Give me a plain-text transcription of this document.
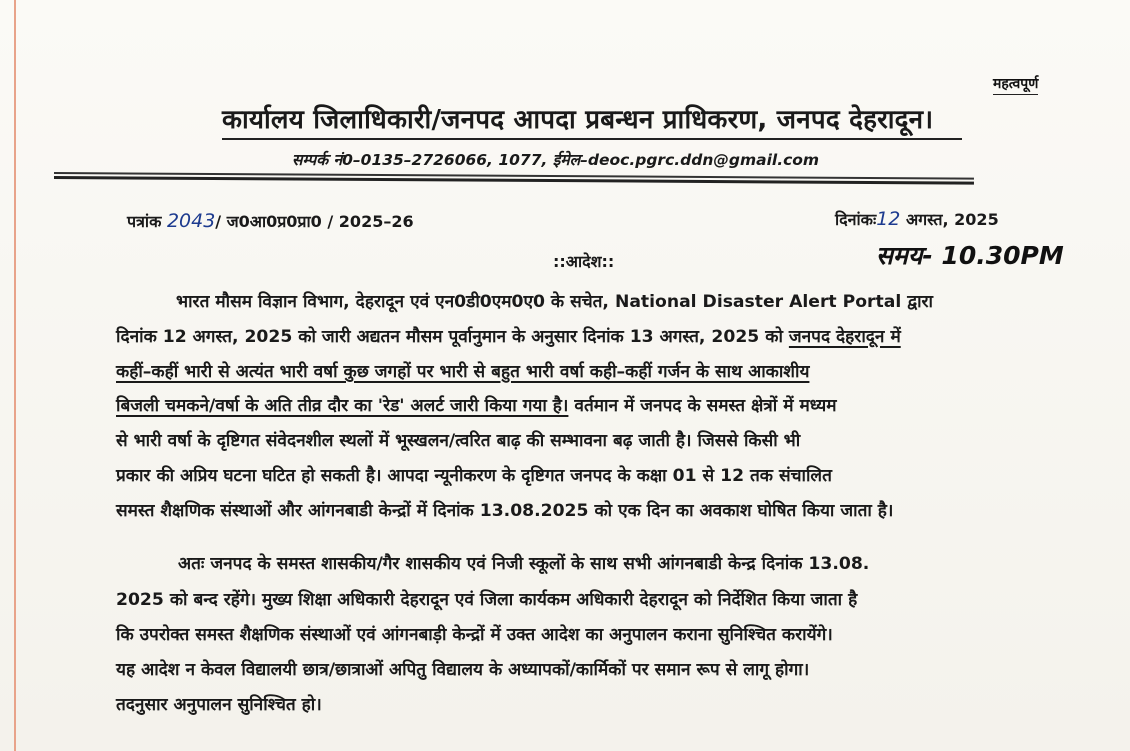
महत्वपूर्ण
कार्यालय जिलाधिकारी/जनपद आपदा प्रबन्धन प्राधिकरण, जनपद देहरादून।
सम्पर्क नं0–0135–2726066, 1077, ईमेल–deoc.pgrc.ddn@gmail.com
पत्रांक 2043/ ज0आ0प्र0प्रा0 / 2025–26	दिनांकः12 अगस्त, 2025
समय- 10.30PM
::आदेश::
भारत मौसम विज्ञान विभाग, देहरादून एवं एन0डी0एम0ए0 के सचेत, National Disaster Alert Portal द्वारा
दिनांक 12 अगस्त, 2025 को जारी अद्यतन मौसम पूर्वानुमान के अनुसार दिनांक 13 अगस्त, 2025 को जनपद देहरादून में
कहीं–कहीं भारी से अत्यंत भारी वर्षा कुछ जगहों पर भारी से बहुत भारी वर्षा कही–कहीं गर्जन के साथ आकाशीय
बिजली चमकने/वर्षा के अति तीव्र दौर का 'रेड' अलर्ट जारी किया गया है। वर्तमान में जनपद के समस्त क्षेत्रों में मध्यम
से भारी वर्षा के दृष्टिगत संवेदनशील स्थलों में भूस्खलन/त्वरित बाढ़ की सम्भावना बढ़ जाती है। जिससे किसी भी
प्रकार की अप्रिय घटना घटित हो सकती है। आपदा न्यूनीकरण के दृष्टिगत जनपद के कक्षा 01 से 12 तक संचालित
समस्त शैक्षणिक संस्थाओं और आंगनबाडी केन्द्रों में दिनांक 13.08.2025 को एक दिन का अवकाश घोषित किया जाता है।
अतः जनपद के समस्त शासकीय/गैर शासकीय एवं निजी स्कूलों के साथ सभी आंगनबाडी केन्द्र दिनांक 13.08.
2025 को बन्द रहेंगे। मुख्य शिक्षा अधिकारी देहरादून एवं जिला कार्यकम अधिकारी देहरादून को निर्देशित किया जाता है
कि उपरोक्त समस्त शैक्षणिक संस्थाओं एवं आंगनबाड़ी केन्द्रों में उक्त आदेश का अनुपालन कराना सुनिश्चित करायेंगे।
यह आदेश न केवल विद्यालयी छात्र/छात्राओं अपितु विद्यालय के अध्यापकों/कार्मिकों पर समान रूप से लागू होगा।
तदनुसार अनुपालन सुनिश्चित हो।
